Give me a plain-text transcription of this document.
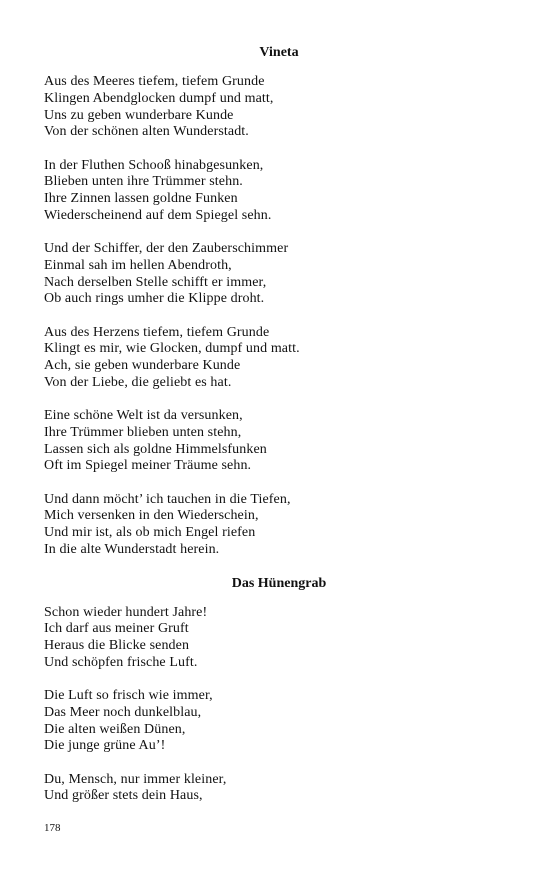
Vineta
Aus des Meeres tiefem, tiefem Grunde
Klingen Abendglocken dumpf und matt,
Uns zu geben wunderbare Kunde
Von der schönen alten Wunderstadt.
In der Fluthen Schooß hinabgesunken,
Blieben unten ihre Trümmer stehn.
Ihre Zinnen lassen goldne Funken
Wiederscheinend auf dem Spiegel sehn.
Und der Schiffer, der den Zauberschimmer
Einmal sah im hellen Abendroth,
Nach derselben Stelle schifft er immer,
Ob auch rings umher die Klippe droht.
Aus des Herzens tiefem, tiefem Grunde
Klingt es mir, wie Glocken, dumpf und matt.
Ach, sie geben wunderbare Kunde
Von der Liebe, die geliebt es hat.
Eine schöne Welt ist da versunken,
Ihre Trümmer blieben unten stehn,
Lassen sich als goldne Himmelsfunken
Oft im Spiegel meiner Träume sehn.
Und dann möcht’ ich tauchen in die Tiefen,
Mich versenken in den Wiederschein,
Und mir ist, als ob mich Engel riefen
In die alte Wunderstadt herein.
Das Hünengrab
Schon wieder hundert Jahre!
Ich darf aus meiner Gruft
Heraus die Blicke senden
Und schöpfen frische Luft.
Die Luft so frisch wie immer,
Das Meer noch dunkelblau,
Die alten weißen Dünen,
Die junge grüne Au’!
Du, Mensch, nur immer kleiner,
Und größer stets dein Haus,
178
